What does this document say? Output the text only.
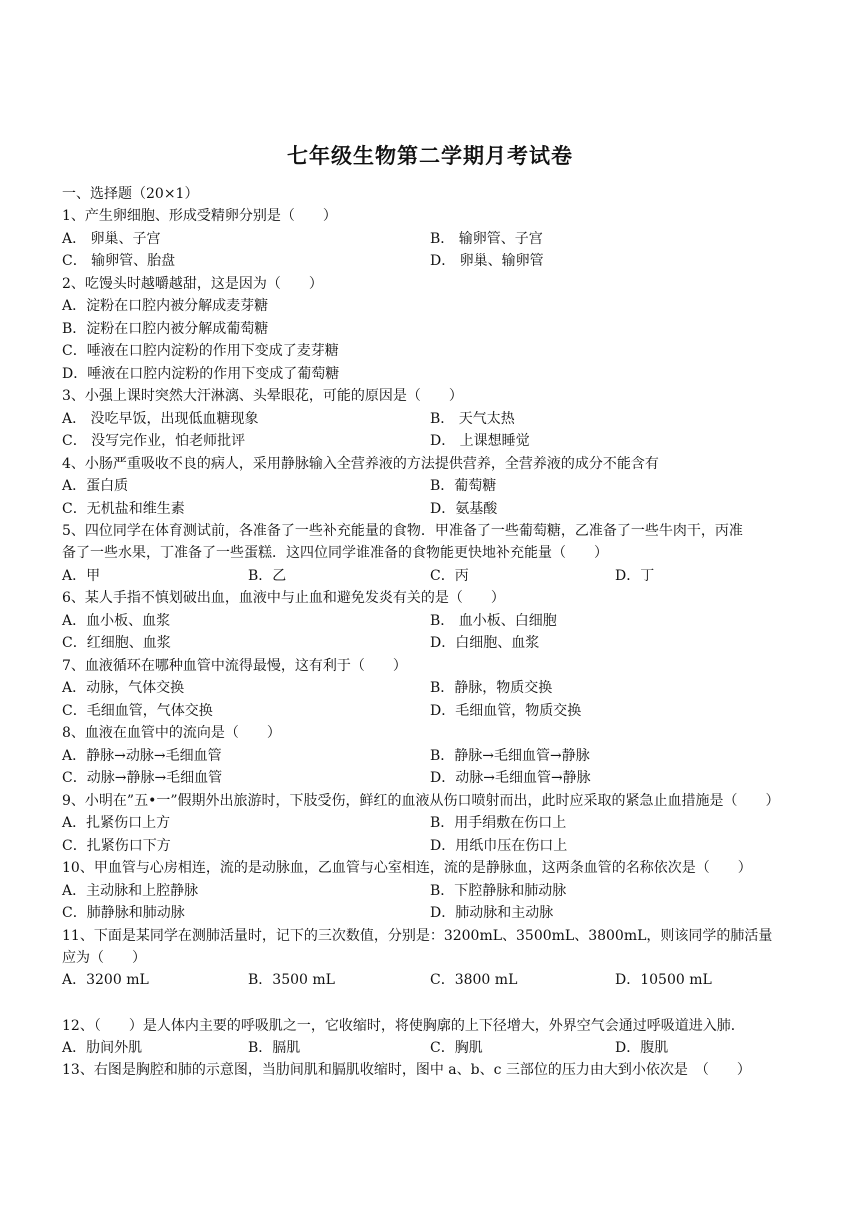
七年级生物第二学期月考试卷
一、选择题（20×1）
1、产生卵细胞、形成受精卵分别是（　　）
A． 卵巢、子宫	B． 输卵管、子宫
C． 输卵管、胎盘	D． 卵巢、输卵管
2、吃馒头时越嚼越甜，这是因为（　　）
A．淀粉在口腔内被分解成麦芽糖
B．淀粉在口腔内被分解成葡萄糖
C．唾液在口腔内淀粉的作用下变成了麦芽糖
D．唾液在口腔内淀粉的作用下变成了葡萄糖
3、小强上课时突然大汗淋漓、头晕眼花，可能的原因是（　　）
A． 没吃早饭，出现低血糖现象	B． 天气太热
C． 没写完作业，怕老师批评	D． 上课想睡觉
4、小肠严重吸收不良的病人，采用静脉输入全营养液的方法提供营养，全营养液的成分不能含有
A．蛋白质	B．葡萄糖
C．无机盐和维生素	D．氨基酸
5、四位同学在体育测试前，各准备了一些补充能量的食物．甲准备了一些葡萄糖，乙准备了一些牛肉干，丙准
备了一些水果，丁准备了一些蛋糕．这四位同学谁准备的食物能更快地补充能量（　　）
A．甲	B．乙	C．丙	D．丁
6、某人手指不慎划破出血，血液中与止血和避免发炎有关的是（　　）
A．血小板、血浆	B． 血小板、白细胞
C．红细胞、血浆	D．白细胞、血浆
7、血液循环在哪种血管中流得最慢，这有利于（　　）
A．动脉，气体交换	B．静脉，物质交换
C．毛细血管，气体交换	D．毛细血管，物质交换
8、血液在血管中的流向是（　　）
A．静脉→动脉→毛细血管	B．静脉→毛细血管→静脉
C．动脉→静脉→毛细血管	D．动脉→毛细血管→静脉
9、小明在”五•一”假期外出旅游时，下肢受伤，鲜红的血液从伤口喷射而出，此时应采取的紧急止血措施是（　　）
A．扎紧伤口上方	B．用手绢敷在伤口上
C．扎紧伤口下方	D．用纸巾压在伤口上
10、甲血管与心房相连，流的是动脉血，乙血管与心室相连，流的是静脉血，这两条血管的名称依次是（　　）
A．主动脉和上腔静脉	B．下腔静脉和肺动脉
C．肺静脉和肺动脉	D．肺动脉和主动脉
11、下面是某同学在测肺活量时，记下的三次数值，分别是：3200mL、3500mL、3800mL，则该同学的肺活量
应为（　　）
A．3200 mL	B．3500 mL	C．3800 mL	D．10500 mL
12、（　　）是人体内主要的呼吸肌之一，它收缩时，将使胸廓的上下径增大，外界空气会通过呼吸道进入肺．
A．肋间外肌	B．膈肌	C．胸肌	D．腹肌
13、右图是胸腔和肺的示意图，当肋间肌和膈肌收缩时，图中 a、b、c 三部位的压力由大到小依次是　（　　）
